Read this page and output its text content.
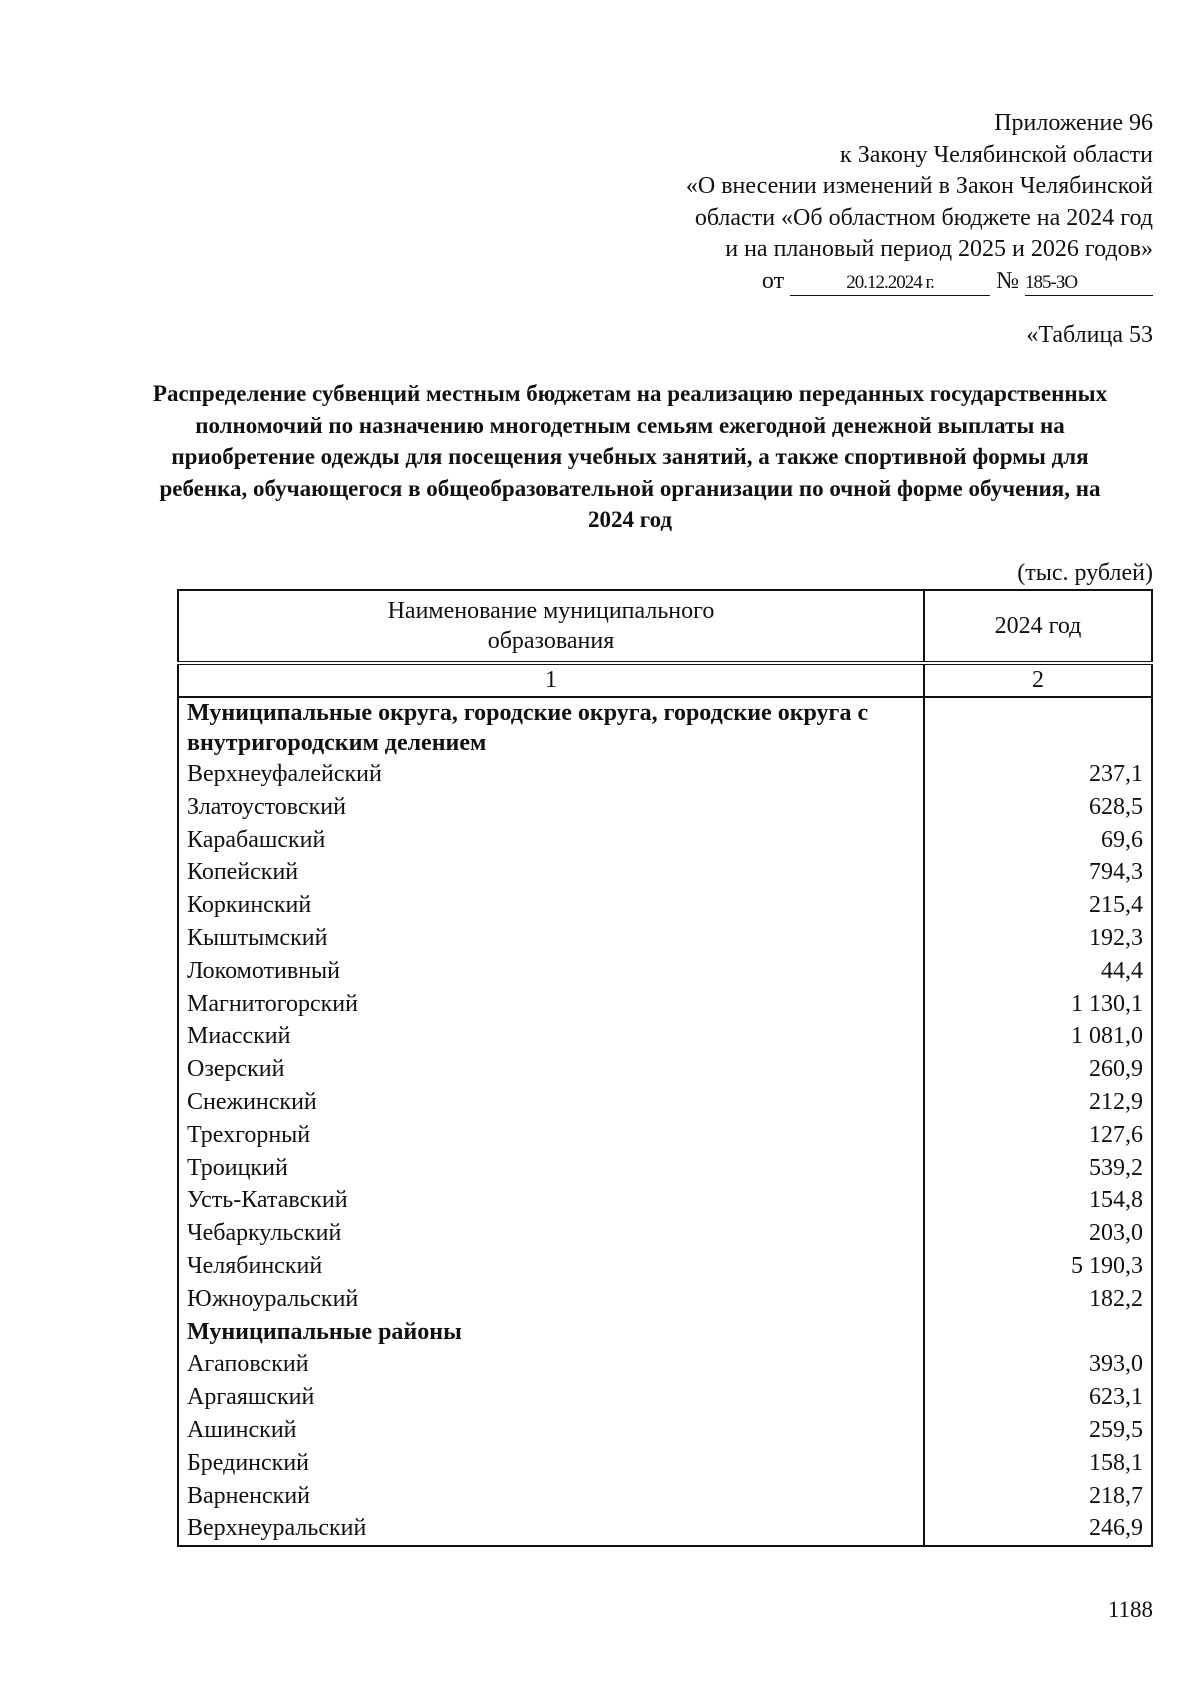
Приложение 96
к Закону Челябинской области
«О внесении изменений в Закон Челябинской
области «Об областном бюджете на 2024 год
и на плановый период 2025 и 2026 годов»
от	20.12.2024 г.	№ 185-ЗО
«Таблица 53
Распределение субвенций местным бюджетам на реализацию переданных государственных полномочий по назначению многодетным семьям ежегодной денежной выплаты на приобретение одежды для посещения учебных занятий, а также спортивной формы для ребенка, обучающегося в общеобразовательной организации по очной форме обучения, на 2024 год
(тыс. рублей)
Наименование муниципального образования	2024 год
1	2
Муниципальные округа, городские округа, городские округа с внутригородским делением	
Верхнеуфалейский	237,1
Златоустовский	628,5
Карабашский	69,6
Копейский	794,3
Коркинский	215,4
Кыштымский	192,3
Локомотивный	44,4
Магнитогорский	1 130,1
Миасский	1 081,0
Озерский	260,9
Снежинский	212,9
Трехгорный	127,6
Троицкий	539,2
Усть-Катавский	154,8
Чебаркульский	203,0
Челябинский	5 190,3
Южноуральский	182,2
Муниципальные районы	
Агаповский	393,0
Аргаяшский	623,1
Ашинский	259,5
Брединский	158,1
Варненский	218,7
Верхнеуральский	246,9
1188
